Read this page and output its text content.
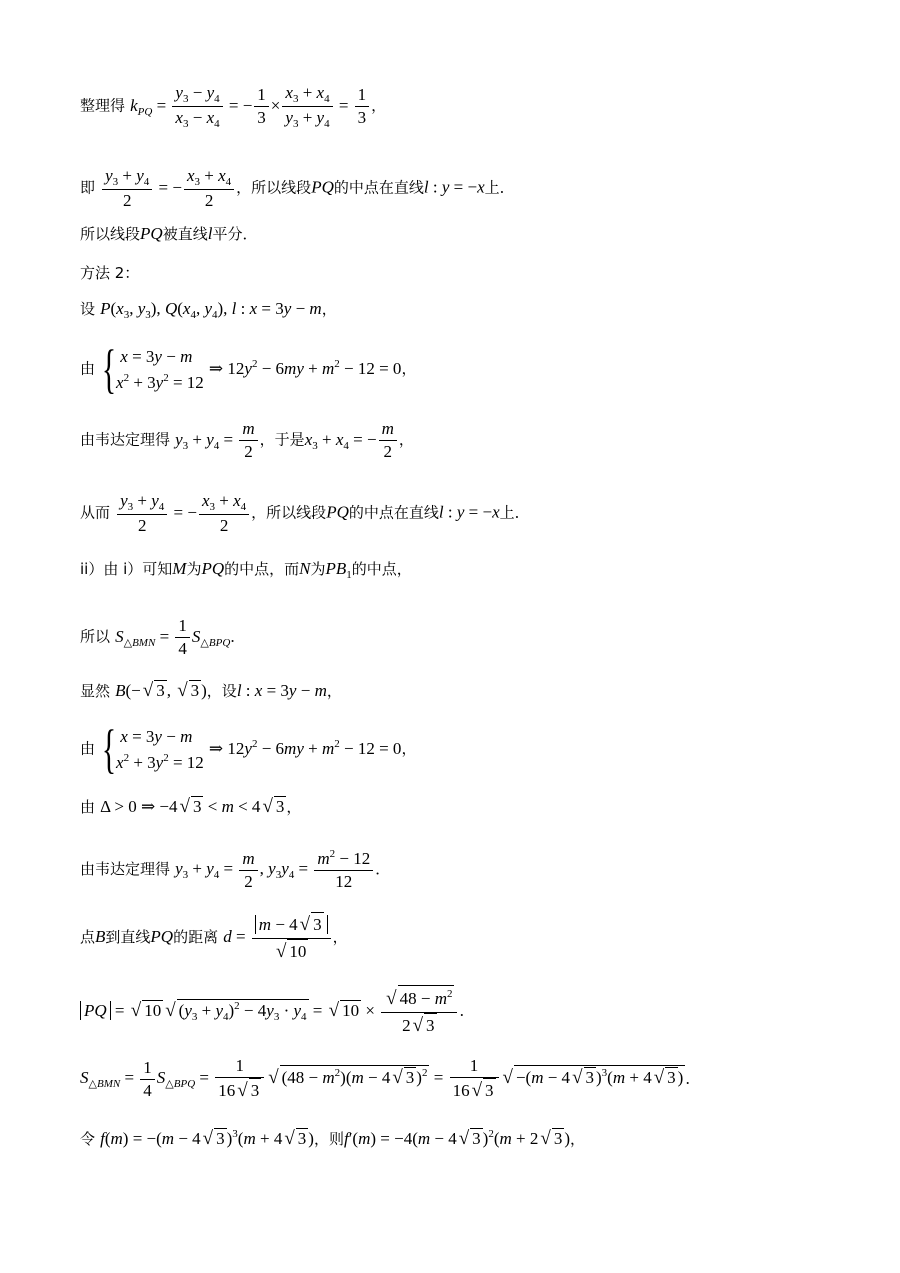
整理得 $k_{PQ} = \frac{y_3 - y_4}{x_3 - x_4}$ = − $\frac{1}{3} \times \frac{x_3 + x_4}{y_3 + y_4} = \frac{1}{3}$ ，
即 $\frac{y_3 + y_4}{2}$ = − $\frac{x_3 + x_4}{2}$ ，所以线段PQ的中点在直线l : y = −x上．
所以线段PQ被直线l平分．
方法 2：
设 $P(x_3$, $y_3$), $Q(x_4$, $y_4$), l : x = 3y − m，
由 { x = 3y − m
$x^2 + 3y^2 = 12$
⇒ $12y^2 - 6my + m^2 - 12 = 0$，
由韦达定理得 $y_3 + y_4 = \frac{m}{2}$ ，于是$x_3 + x_4$ = − $\frac{m}{2}$ ，
从而 $\frac{y_3 + y_4}{2}$ = − $\frac{x_3 + x_4}{2}$ ，所以线段PQ的中点在直线l : y = −x上．
ii）由 i）可知M为PQ的中点，而N为$PB_1$的中点，
所以 $S_{\triangle BMN} = \frac{1}{4} S_{\triangle BPQ}$．
显然 B(− √ 3 , √ 3 )，设l : x = 3y − m，
由 { x = 3y − m
$x^2 + 3y^2 = 12$
⇒ $12y^2 - 6my + m^2 - 12 = 0$，
由 Δ > 0 ⇒ −4 √ 3 < m < 4 √ 3 ，
由韦达定理得 $y_3 + y_4 = \frac{m}{2}$ , $y_3y_4 = \frac{m^2 - 12}{12}$ ．
点B到直线PQ的距离 $d = \frac{m - 4 √ 3}{√ 10}$ ，
PQ = √ 10 √ $(y_3 + y_4)^2 - 4y_3 \cdot y_4$ = √ $10 \times \frac{√ 48 - m^2}{2 √ 3}$ ．
$S_{\triangle BMN} = \frac{1}{4} S_{\triangle BPQ} = \frac{1}{16 √ 3}$ √ $(48 - m^2)(m - 4$ √ 3 )$^2 = \frac{1}{16 √ 3}$ √ −(m − 4 √ 3 )$^3$(m + 4 √ 3 ) ．
令 f(m) = −(m − 4 √ 3 )$^3$(m + 4 √ 3 )，则f′(m) = −4(m − 4 √ 3 )$^2$(m + 2 √ 3 )，
